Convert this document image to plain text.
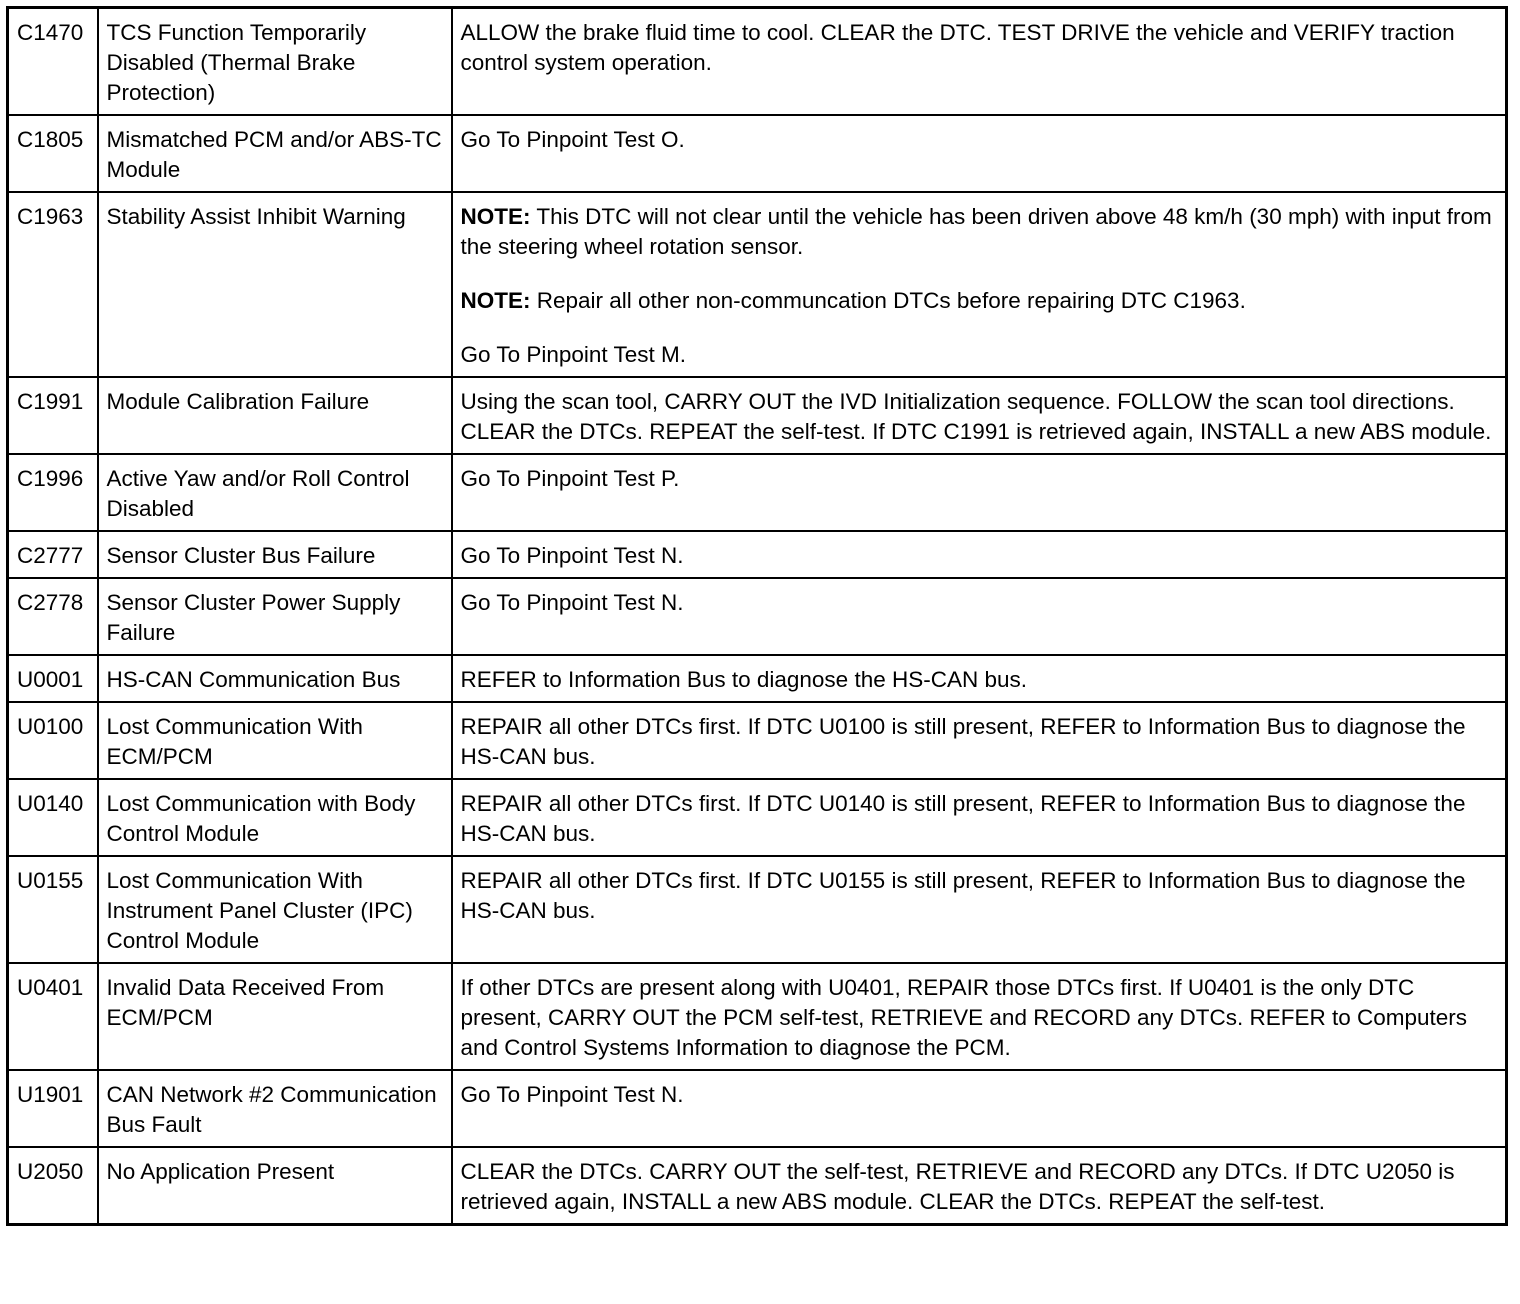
C1470	TCS Function Temporarily Disabled (Thermal Brake Protection)	ALLOW the brake fluid time to cool. CLEAR the DTC. TEST DRIVE the vehicle and VERIFY traction control system operation.

C1805	Mismatched PCM and/or ABS-TC Module	Go To Pinpoint Test O.

C1963	Stability Assist Inhibit Warning	NOTE: This DTC will not clear until the vehicle has been driven above 48 km/h (30 mph) with input from the steering wheel rotation sensor.
NOTE: Repair all other non-communcation DTCs before repairing DTC C1963.
Go To Pinpoint Test M.

C1991	Module Calibration Failure	Using the scan tool, CARRY OUT the IVD Initialization sequence. FOLLOW the scan tool directions. CLEAR the DTCs. REPEAT the self-test. If DTC C1991 is retrieved again, INSTALL a new ABS module.

C1996	Active Yaw and/or Roll Control Disabled	Go To Pinpoint Test P.

C2777	Sensor Cluster Bus Failure	Go To Pinpoint Test N.

C2778	Sensor Cluster Power Supply Failure	Go To Pinpoint Test N.

U0001	HS-CAN Communication Bus	REFER to Information Bus to diagnose the HS-CAN bus.

U0100	Lost Communication With ECM/PCM	REPAIR all other DTCs first. If DTC U0100 is still present, REFER to Information Bus to diagnose the HS-CAN bus.

U0140	Lost Communication with Body Control Module	REPAIR all other DTCs first. If DTC U0140 is still present, REFER to Information Bus to diagnose the HS-CAN bus.

U0155	Lost Communication With Instrument Panel Cluster (IPC) Control Module	REPAIR all other DTCs first. If DTC U0155 is still present, REFER to Information Bus to diagnose the HS-CAN bus.

U0401	Invalid Data Received From ECM/PCM	If other DTCs are present along with U0401, REPAIR those DTCs first. If U0401 is the only DTC present, CARRY OUT the PCM self-test, RETRIEVE and RECORD any DTCs. REFER to Computers and Control Systems Information to diagnose the PCM.

U1901	CAN Network #2 Communication Bus Fault	Go To Pinpoint Test N.

U2050	No Application Present	CLEAR the DTCs. CARRY OUT the self-test, RETRIEVE and RECORD any DTCs. If DTC U2050 is retrieved again, INSTALL a new ABS module. CLEAR the DTCs. REPEAT the self-test.
